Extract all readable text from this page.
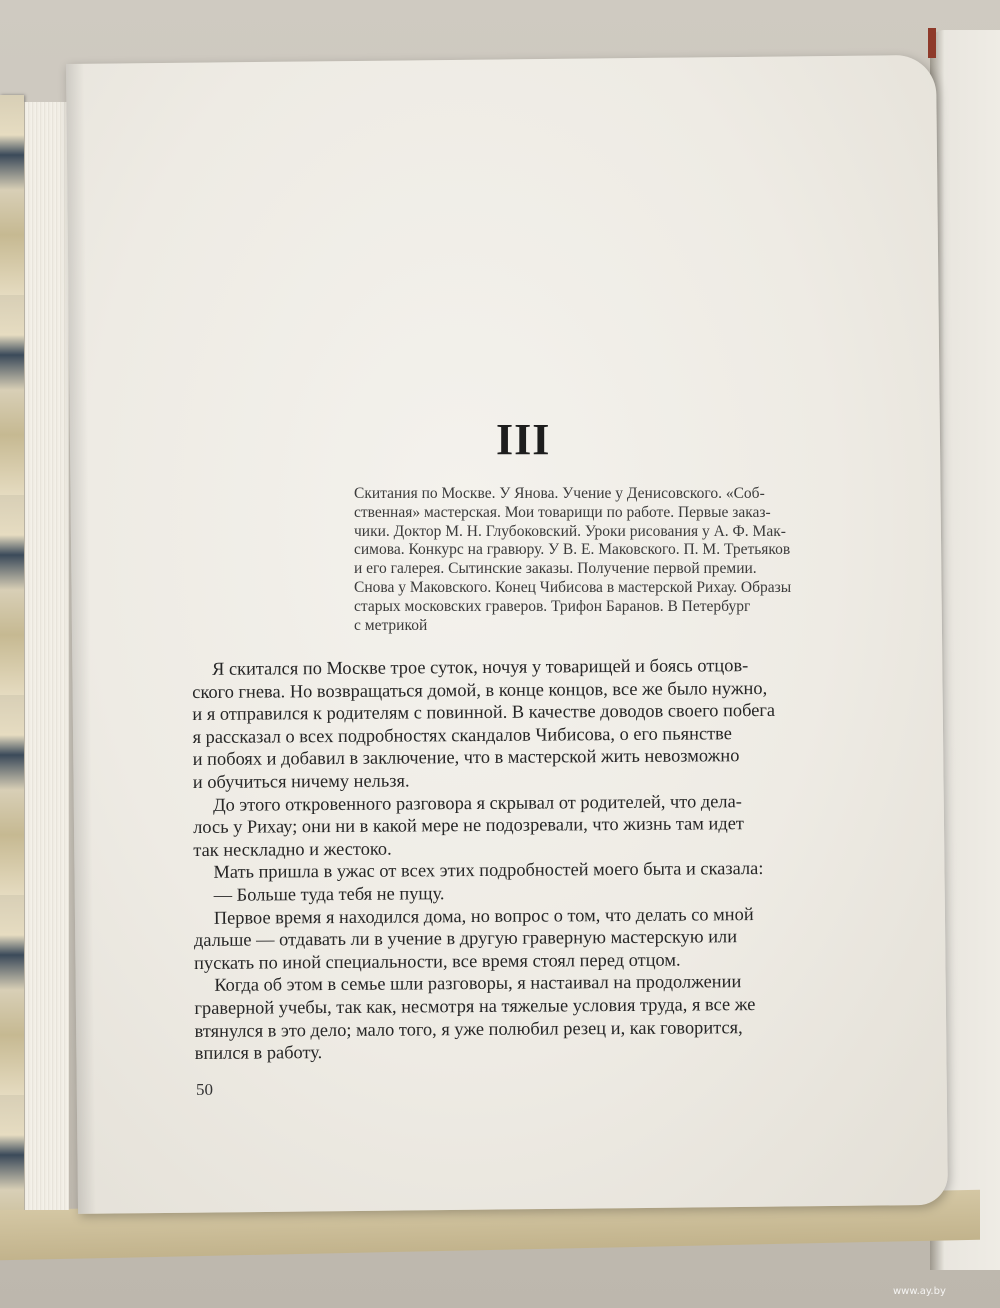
III

Скитания по Москве. У Янова. Учение у Денисовского. «Соб-
ственная» мастерская. Мои товарищи по работе. Первые заказ-
чики. Доктор М. Н. Глубоковский. Уроки рисования у А. Ф. Мак-
симова. Конкурс на гравюру. У В. Е. Маковского. П. М. Третьяков
и его галерея. Сытинские заказы. Получение первой премии.
Снова у Маковского. Конец Чибисова в мастерской Рихау. Образы
старых московских граверов. Трифон Баранов. В Петербург
с метрикой

Я скитался по Москве трое суток, ночуя у товарищей и боясь отцов-
ского гнева. Но возвращаться домой, в конце концов, все же было нужно,
и я отправился к родителям с повинной. В качестве доводов своего побега
я рассказал о всех подробностях скандалов Чибисова, о его пьянстве
и побоях и добавил в заключение, что в мастерской жить невозможно
и обучиться ничему нельзя.
До этого откровенного разговора я скрывал от родителей, что дела-
лось у Рихау; они ни в какой мере не подозревали, что жизнь там идет
так нескладно и жестоко.
Мать пришла в ужас от всех этих подробностей моего быта и сказала:
— Больше туда тебя не пущу.
Первое время я находился дома, но вопрос о том, что делать со мной
дальше — отдавать ли в учение в другую граверную мастерскую или
пускать по иной специальности, все время стоял перед отцом.
Когда об этом в семье шли разговоры, я настаивал на продолжении
граверной учебы, так как, несмотря на тяжелые условия труда, я все же
втянулся в это дело; мало того, я уже полюбил резец и, как говорится,
впился в работу.

50

www.ay.by
